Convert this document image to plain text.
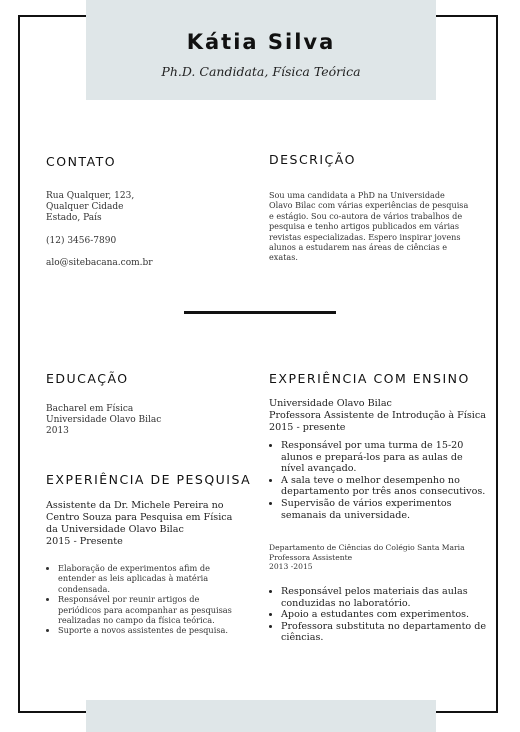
Kátia Silva
Ph.D. Candidata, Física Teórica
CONTATO
Rua Qualquer, 123,
Qualquer Cidade
Estado, País
(12) 3456-7890
alo@sitebacana.com.br
DESCRIÇÃO
Sou uma candidata a PhD na Universidade
Olavo Bilac com várias experiências de pesquisa
e estágio. Sou co-autora de vários trabalhos de
pesquisa e tenho artigos publicados em várias
revistas especializadas. Espero inspirar jovens
alunos a estudarem nas áreas de ciências e
exatas.
EDUCAÇÃO
Bacharel em Física
Universidade Olavo Bilac
2013
EXPERIÊNCIA DE PESQUISA
Assistente da Dr. Michele Pereira no
Centro Souza para Pesquisa em Física
da Universidade Olavo Bilac
2015 - Presente
• Elaboração de experimentos afim de
entender as leis aplicadas à matéria
condensada.
• Responsável por reunir artigos de
periódicos para acompanhar as pesquisas
realizadas no campo da física teórica.
• Suporte a novos assistentes de pesquisa.
EXPERIÊNCIA COM ENSINO
Universidade Olavo Bilac
Professora Assistente de Introdução à Física
2015 - presente
• Responsável por uma turma de 15-20
alunos e prepará-los para as aulas de
nível avançado.
• A sala teve o melhor desempenho no
departamento por três anos consecutivos.
• Supervisão de vários experimentos
semanais da universidade.
Departamento de Ciências do Colégio Santa Maria
Professora Assistente
2013 -2015
• Responsável pelos materiais das aulas
conduzidas no laboratório.
• Apoio a estudantes com experimentos.
• Professora substituta no departamento de
ciências.
